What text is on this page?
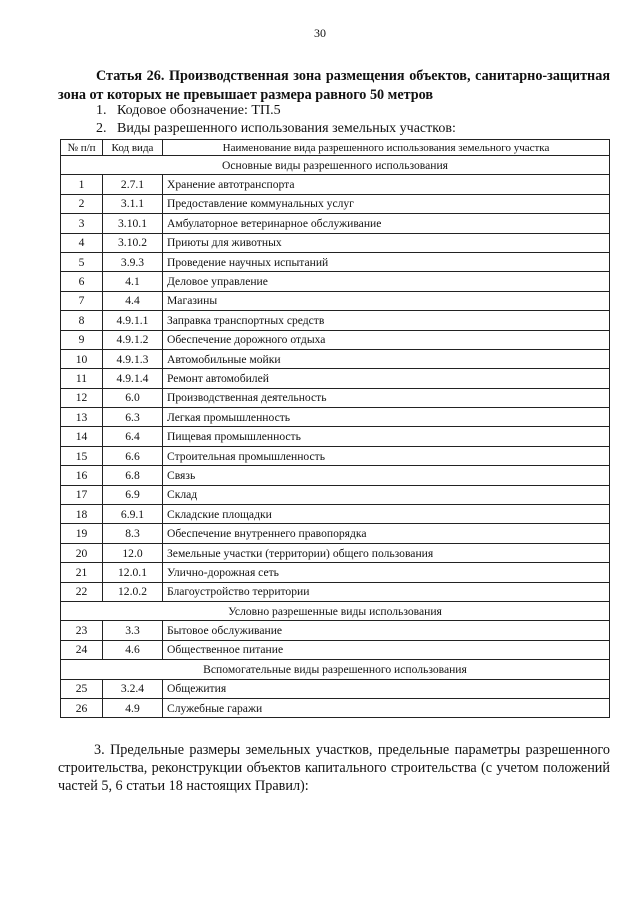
30
Статья 26. Производственная зона размещения объектов, санитарно-защитная зона от которых не превышает размера равного 50 метров
1. Кодовое обозначение: ТП.5
2. Виды разрешенного использования земельных участков:
№ п/п	Код вида	Наименование вида разрешенного использования земельного участка
Основные виды разрешенного использования		
1	2.7.1	Хранение автотранспорта
2	3.1.1	Предоставление коммунальных услуг
3	3.10.1	Амбулаторное ветеринарное обслуживание
4	3.10.2	Приюты для животных
5	3.9.3	Проведение научных испытаний
6	4.1	Деловое управление
7	4.4	Магазины
8	4.9.1.1	Заправка транспортных средств
9	4.9.1.2	Обеспечение дорожного отдыха
10	4.9.1.3	Автомобильные мойки
11	4.9.1.4	Ремонт автомобилей
12	6.0	Производственная деятельность
13	6.3	Легкая промышленность
14	6.4	Пищевая промышленность
15	6.6	Строительная промышленность
16	6.8	Связь
17	6.9	Склад
18	6.9.1	Складские площадки
19	8.3	Обеспечение внутреннего правопорядка
20	12.0	Земельные участки (территории) общего пользования
21	12.0.1	Улично-дорожная сеть
22	12.0.2	Благоустройство территории
Условно разрешенные виды использования		
23	3.3	Бытовое обслуживание
24	4.6	Общественное питание
Вспомогательные виды разрешенного использования		
25	3.2.4	Общежития
26	4.9	Служебные гаражи
3. Предельные размеры земельных участков, предельные параметры разрешенного строительства, реконструкции объектов капитального строительства (с учетом положений частей 5, 6 статьи 18 настоящих Правил):
